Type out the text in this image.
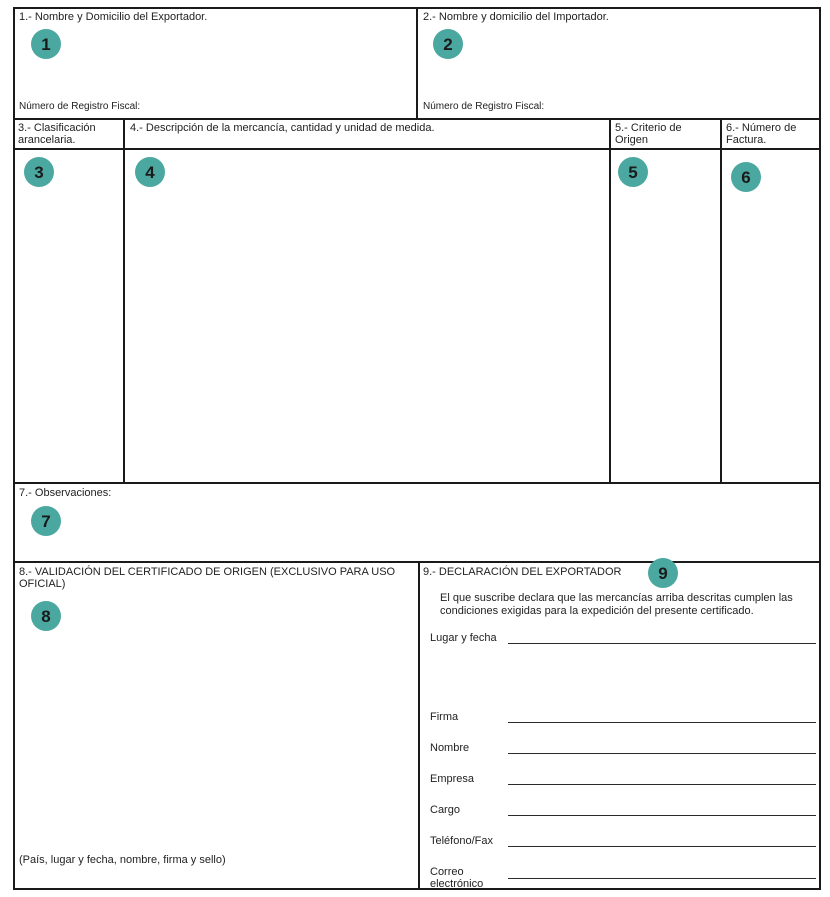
1.- Nombre y Domicilio del Exportador.
1
Número de Registro Fiscal:
2.- Nombre y domicilio del Importador.
2
Número de Registro Fiscal:
3.- Clasificación
arancelaria.
3
4.- Descripción de la mercancía, cantidad y unidad de medida.
4
5.- Criterio de
Origen
5
6.- Número de
Factura.
6
7.- Observaciones:
7
8.- VALIDACIÓN DEL CERTIFICADO DE ORIGEN (EXCLUSIVO PARA USO
OFICIAL)
8
(País, lugar y fecha, nombre, firma y sello)
9.- DECLARACIÓN DEL EXPORTADOR	9
El que suscribe declara que las mercancías arriba descritas cumplen las
condiciones exigidas para la expedición del presente certificado.
Lugar y fecha
Firma
Nombre
Empresa
Cargo
Teléfono/Fax
Correo
electrónico
